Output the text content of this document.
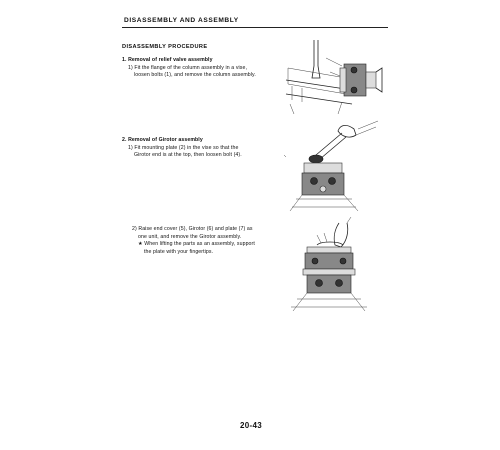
DISASSEMBLY AND ASSEMBLY
DISASSEMBLY PROCEDURE
1. Removal of relief valve assembly
1) Fit the flange of the column assembly in a vise,
loosen bolts (1), and remove the column assembly.
2. Removal of Girotor assembly
1) Fit mounting plate (2) in the vise so that the
Girotor end is at the top, then loosen bolt (4).
2) Raise end cover (5), Girotor (6) and plate (7) as
one unit, and remove the Girotor assembly.
★ When lifting the parts as an assembly, support
the plate with your fingertips.
20-43
